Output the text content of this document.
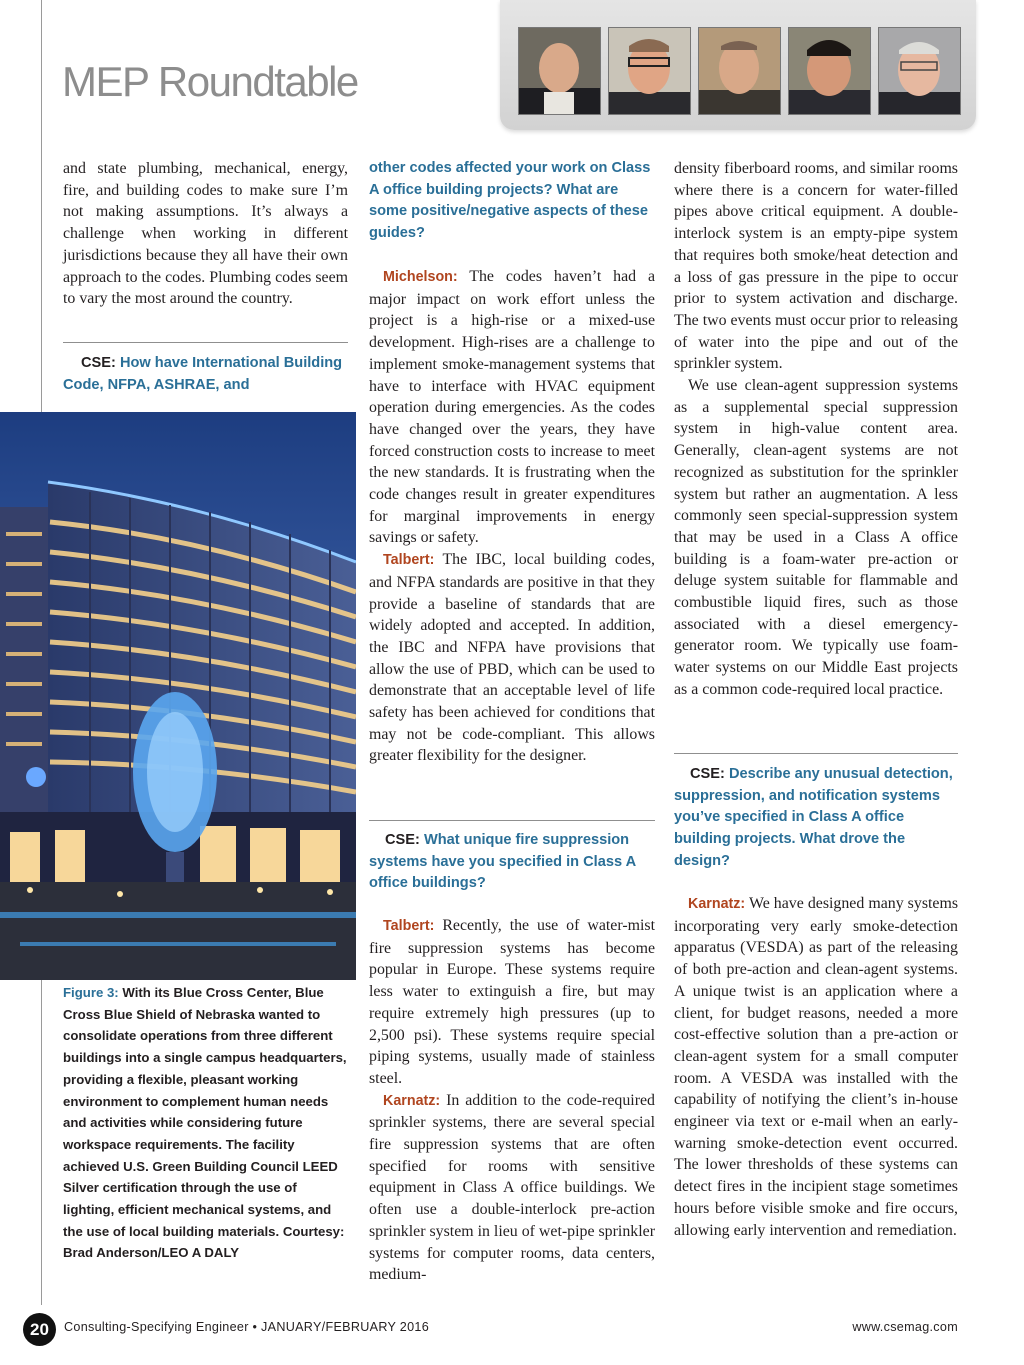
MEP Roundtable

and state plumbing, mechanical, energy, fire, and building codes to make sure I’m not making assumptions. It’s always a challenge when working in different jurisdictions because they all have their own approach to the codes. Plumbing codes seem to vary the most around the country.

CSE: How have International Building Code, NFPA, ASHRAE, and
Figure 3: With its Blue Cross Center, Blue Cross Blue Shield of Nebraska wanted to consolidate operations from three different buildings into a single campus headquarters, providing a flexible, pleasant working environment to complement human needs and activities while considering future workspace requirements. The facility achieved U.S. Green Building Council LEED Silver certification through the use of lighting, efficient mechanical systems, and the use of local building materials. Courtesy: Brad Anderson/LEO A DALY
other codes affected your work on Class A office building projects? What are some positive/negative aspects of these guides?

Michelson: The codes haven’t had a major impact on work effort unless the project is a high-rise or a mixed-use development. High-rises are a challenge to implement smoke-management systems that have to interface with HVAC equipment operation during emergencies. As the codes have changed over the years, they have forced construction costs to increase to meet the new standards. It is frustrating when the code changes result in greater expenditures for marginal improvements in energy savings or safety.

Talbert: The IBC, local building codes, and NFPA standards are positive in that they provide a baseline of standards that are widely adopted and accepted. In addition, the IBC and NFPA have provisions that allow the use of PBD, which can be used to demonstrate that an acceptable level of life safety has been achieved for conditions that may not be code-compliant. This allows greater flexibility for the designer.

CSE: What unique fire suppression systems have you specified in Class A office buildings?

Talbert: Recently, the use of water-mist fire suppression systems has become popular in Europe. These systems require less water to extinguish a fire, but may require extremely high pressures (up to 2,500 psi). These systems require special piping systems, usually made of stainless steel.

Karnatz: In addition to the code-required sprinkler systems, there are several special fire suppression systems that are often specified for rooms with sensitive equipment in Class A office buildings. We often use a double-interlock pre-action sprinkler system in lieu of wet-pipe sprinkler systems for computer rooms, data centers, medium-

density fiberboard rooms, and similar rooms where there is a concern for water-filled pipes above critical equipment. A double-interlock system is an empty-pipe system that requires both smoke/heat detection and a loss of gas pressure in the pipe to occur prior to system activation and discharge. The two events must occur prior to releasing of water into the pipe and out of the sprinkler system.

We use clean-agent suppression systems as a supplemental special suppression system in high-value content area. Generally, clean-agent systems are not recognized as substitution for the sprinkler system but rather an augmentation. A less commonly seen special-suppression system that may be used in a Class A office building is a foam-water pre-action or deluge system suitable for flammable and combustible liquid fires, such as those associated with a diesel emergency-generator room. We typically use foam-water systems on our Middle East projects as a common code-required local practice.

CSE: Describe any unusual detection, suppression, and notification systems you’ve specified in Class A office building projects. What drove the design?

Karnatz: We have designed many systems incorporating very early smoke-detection apparatus (VESDA) as part of the releasing of both pre-action and clean-agent systems. A unique twist is an application where a client, for budget reasons, needed a more cost-effective solution than a pre-action or clean-agent system for a small computer room. A VESDA was installed with the capability of notifying the client’s in-house engineer via text or e-mail when an early-warning smoke-detection event occurred. The lower thresholds of these systems can detect fires in the incipient stage sometimes hours before visible smoke and fire occurs, allowing early intervention and remediation.

20	Consulting-Specifying Engineer • JANUARY/FEBRUARY 2016	www.csemag.com
